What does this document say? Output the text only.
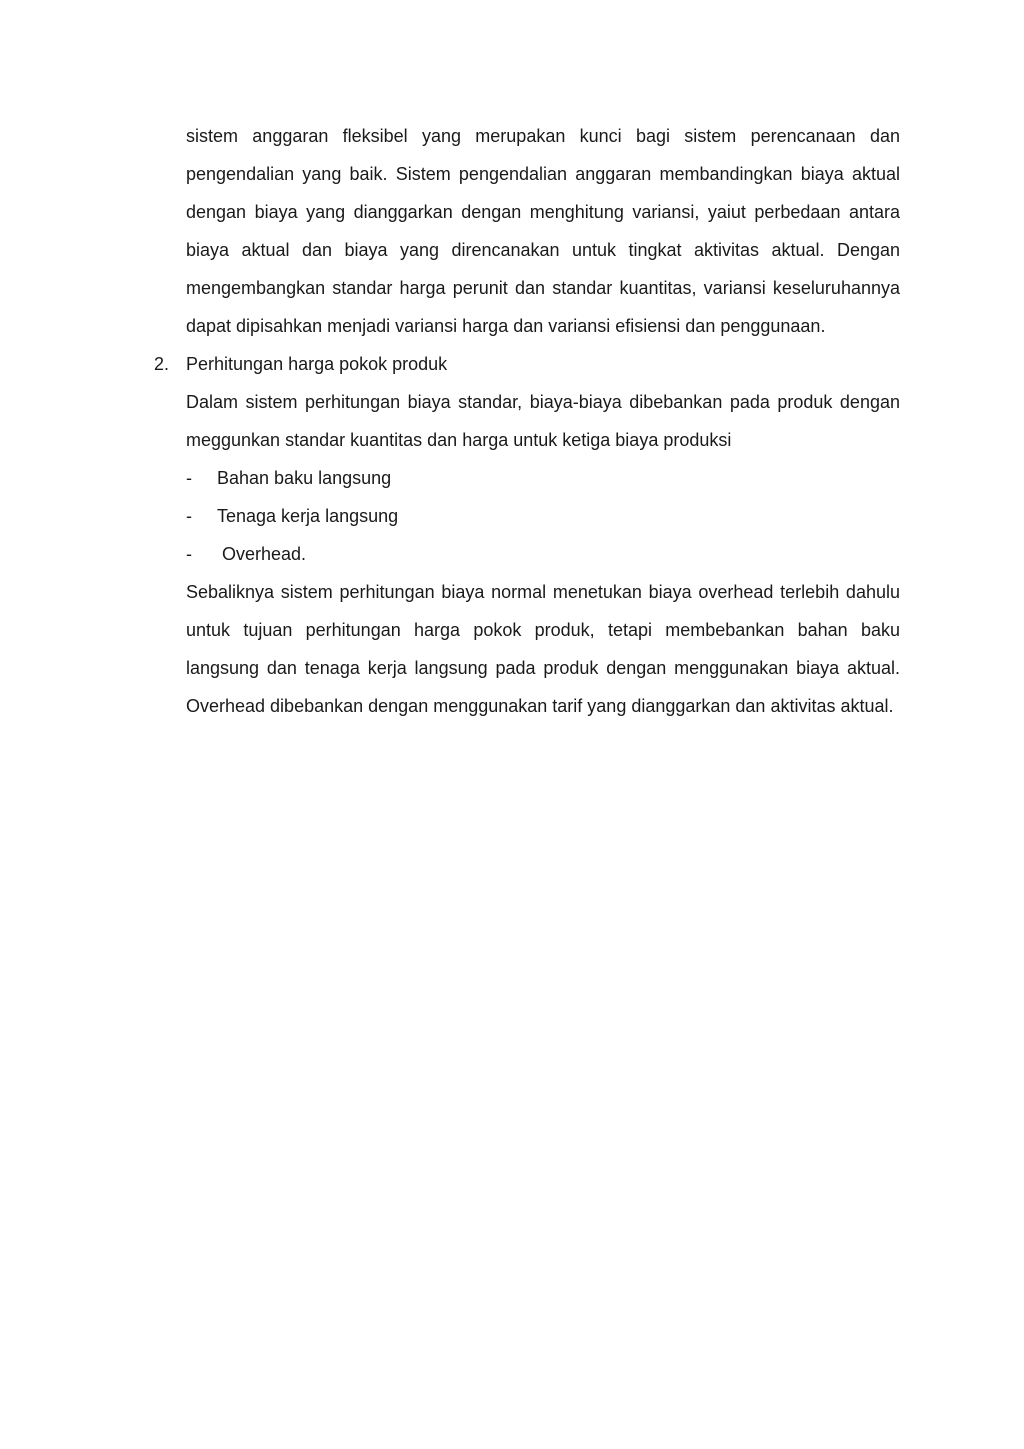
sistem anggaran fleksibel yang merupakan kunci bagi sistem perencanaan dan pengendalian yang baik. Sistem pengendalian anggaran membandingkan biaya aktual dengan biaya yang dianggarkan dengan menghitung variansi, yaiut perbedaan antara biaya aktual dan biaya yang direncanakan untuk tingkat aktivitas aktual. Dengan mengembangkan standar harga perunit dan standar kuantitas, variansi keseluruhannya dapat dipisahkan menjadi variansi harga dan variansi efisiensi dan penggunaan.

2. Perhitungan harga pokok produk

Dalam sistem perhitungan biaya standar, biaya-biaya dibebankan pada produk dengan meggunkan standar kuantitas dan harga untuk ketiga biaya produksi

- Bahan baku langsung

- Tenaga kerja langsung

- Overhead.

Sebaliknya sistem perhitungan biaya normal menetukan biaya overhead terlebih dahulu untuk tujuan perhitungan harga pokok produk, tetapi membebankan bahan baku langsung dan tenaga kerja langsung pada produk dengan menggunakan biaya aktual. Overhead dibebankan dengan menggunakan tarif yang dianggarkan dan aktivitas aktual.
